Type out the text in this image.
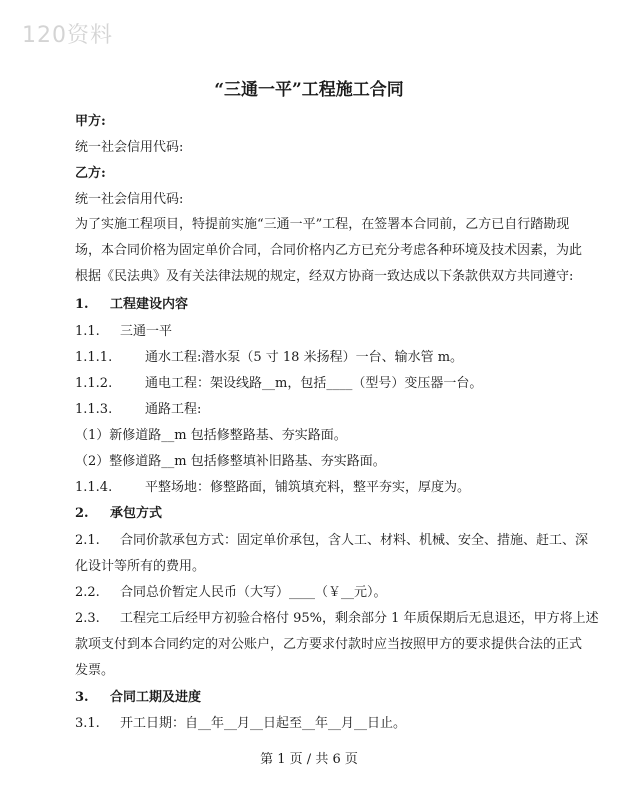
120资料
“三通一平”工程施工合同
甲方:
统一社会信用代码:
乙方:
统一社会信用代码:
为了实施工程项目，特提前实施“三通一平”工程，在签署本合同前，乙方已自行踏勘现
场，本合同价格为固定单价合同，合同价格内乙方已充分考虑各种环境及技术因素，为此
根据《民法典》及有关法律法规的规定，经双方协商一致达成以下条款供双方共同遵守:
1. 工程建设内容
1.1. 三通一平
1.1.1.	通水工程:潜水泵（5 寸 18 米扬程）一台、输水管 m。
1.1.2.	通电工程：架设线路__m，包括____（型号）变压器一台。
1.1.3.	通路工程:
（1）新修道路__m 包括修整路基、夯实路面。
（2）整修道路__m 包括修整填补旧路基、夯实路面。
1.1.4.	平整场地：修整路面，铺筑填充料，整平夯实，厚度为。
2. 承包方式
2.1. 合同价款承包方式：固定单价承包，含人工、材料、机械、安全、措施、赶工、深
化设计等所有的费用。
2.2. 合同总价暂定人民币（大写）____（￥__元）。
2.3. 工程完工后经甲方初验合格付 95%，剩余部分 1 年质保期后无息退还，甲方将上述
款项支付到本合同约定的对公账户，乙方要求付款时应当按照甲方的要求提供合法的正式
发票。
3. 合同工期及进度
3.1. 开工日期：自__年__月__日起至__年__月__日止。
第 1 页 / 共 6 页
